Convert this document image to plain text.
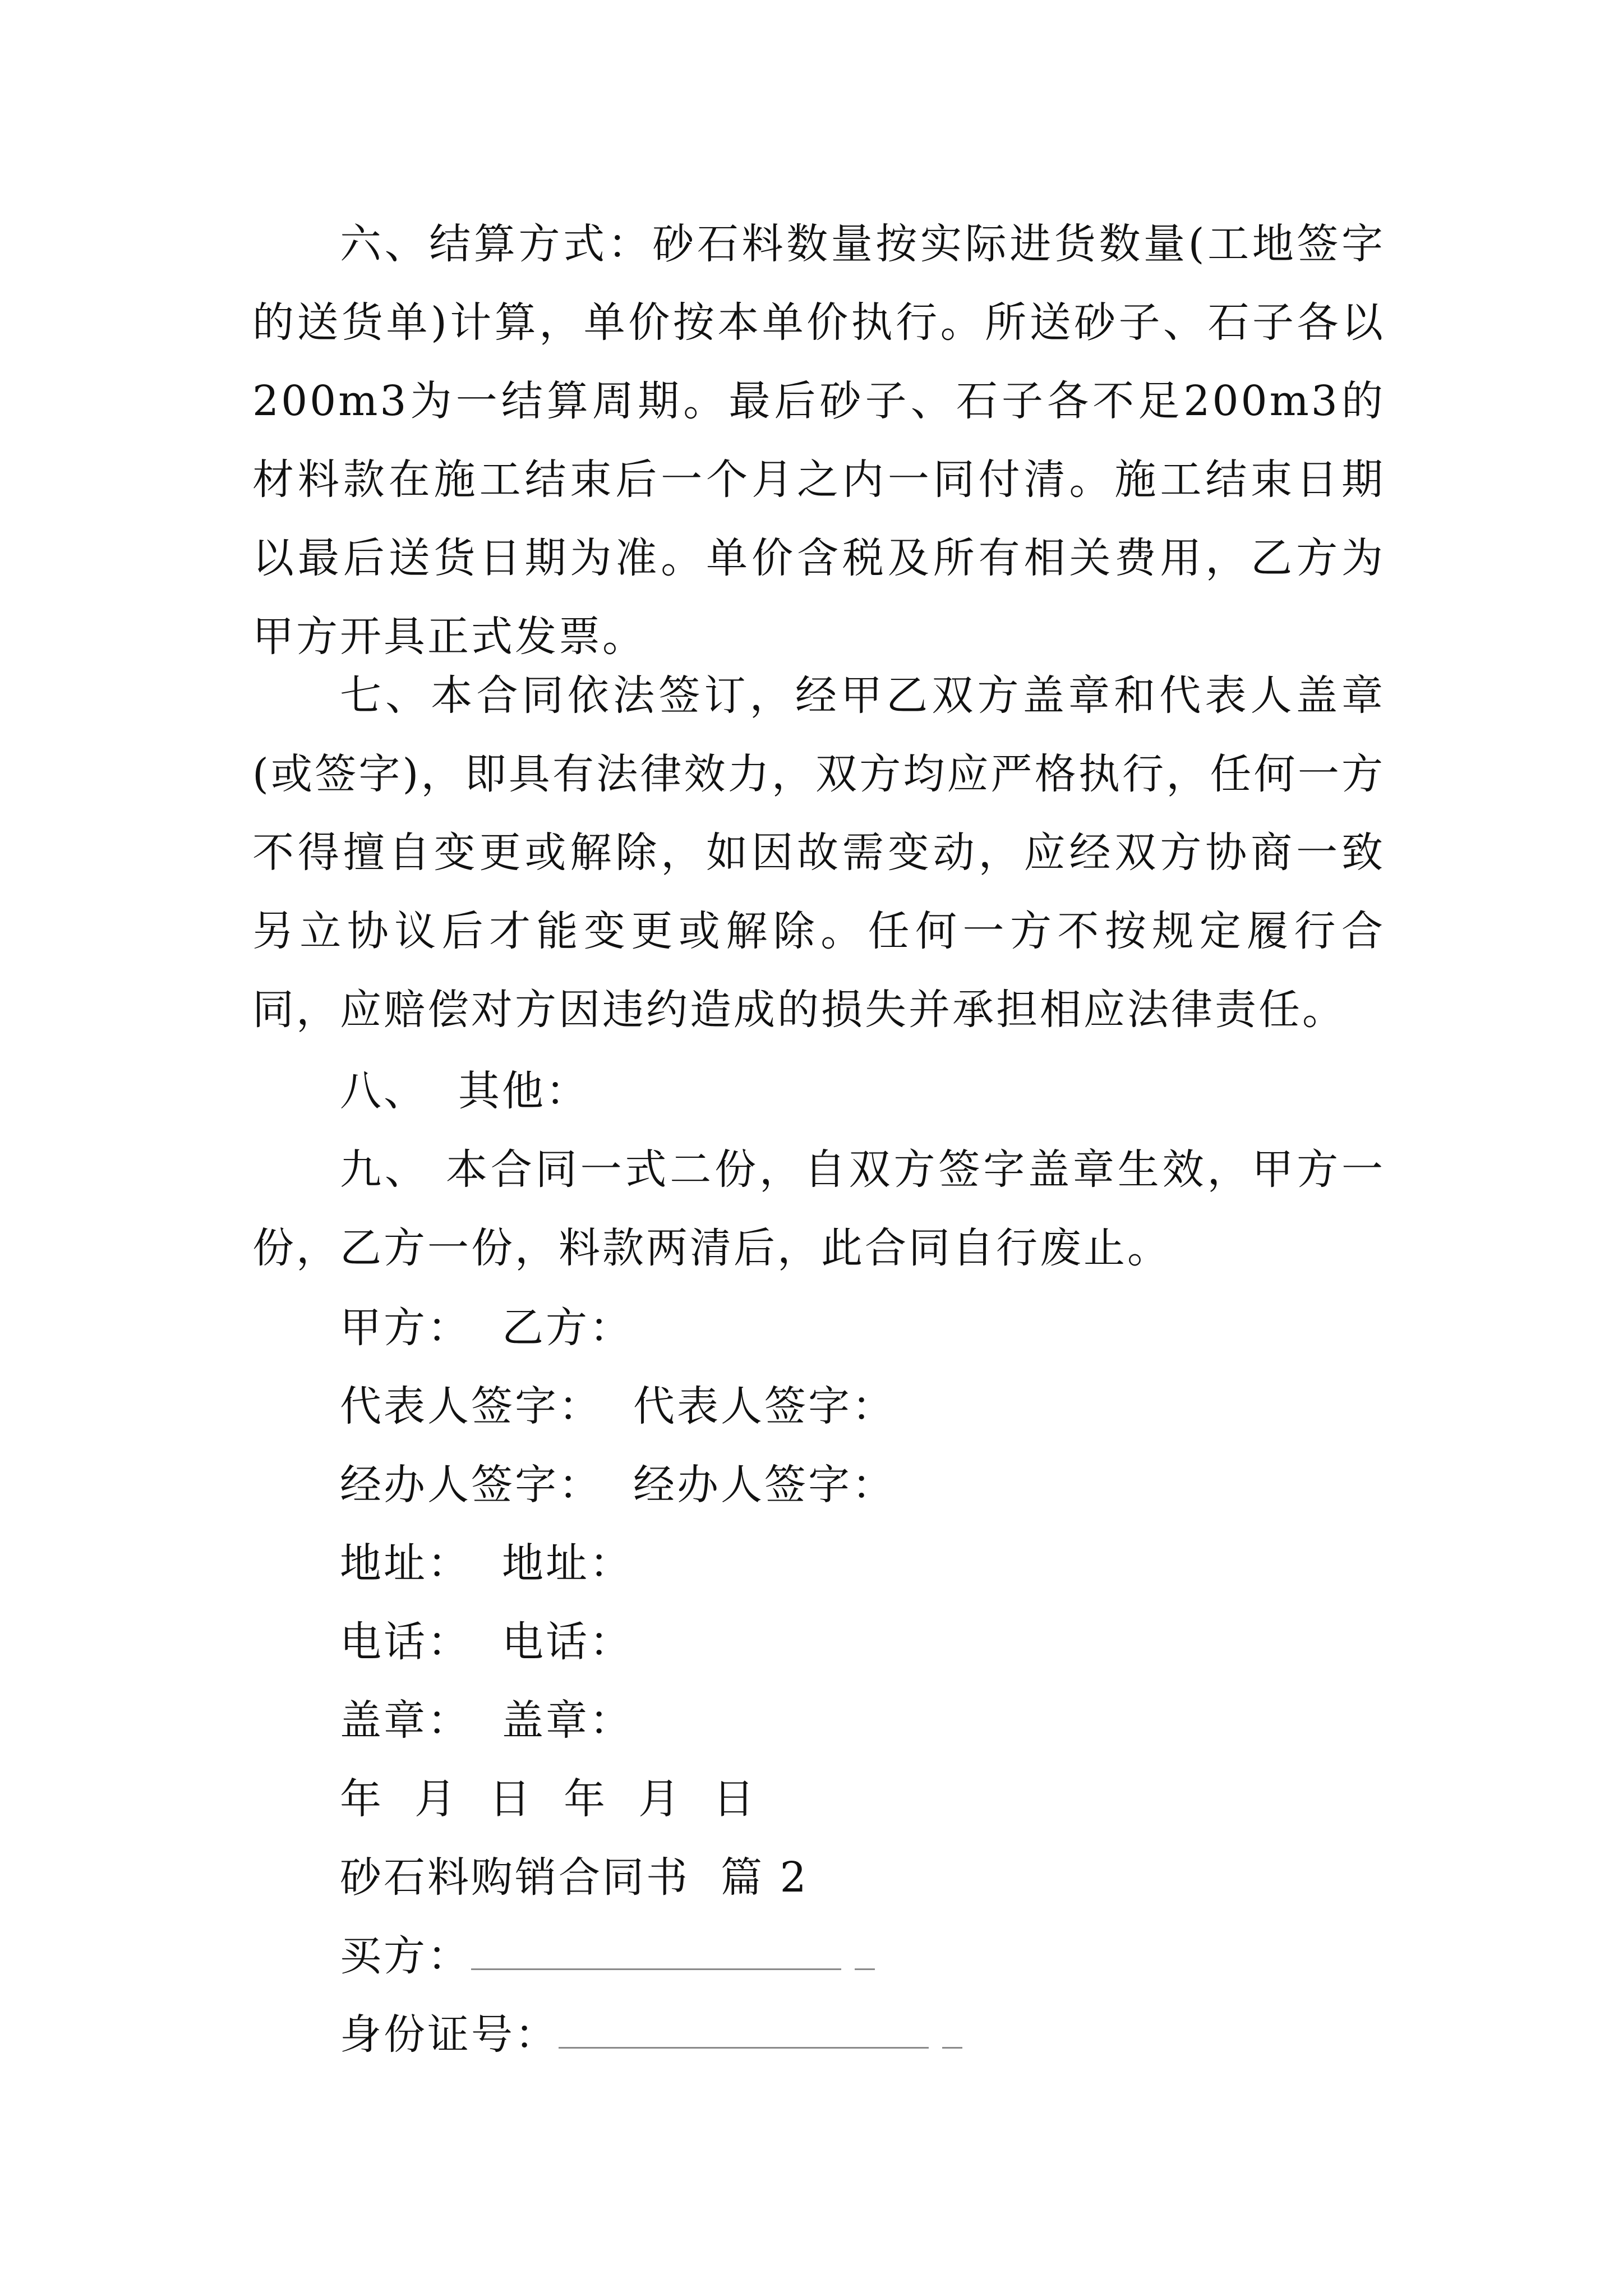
六、结算方式：砂石料数量按实际进货数量(工地签字的送货单)计算，单价按本单价执行。所送砂子、石子各以200m3为一结算周期。最后砂子、石子各不足200m3的材料款在施工结束后一个月之内一同付清。施工结束日期以最后送货日期为准。单价含税及所有相关费用，乙方为甲方开具正式发票。

七、本合同依法签订，经甲乙双方盖章和代表人盖章(或签字)，即具有法律效力，双方均应严格执行，任何一方不得擅自变更或解除，如因故需变动，应经双方协商一致另立协议后才能变更或解除。任何一方不按规定履行合同，应赔偿对方因违约造成的损失并承担相应法律责任。

八、  其他：

九、 本合同一式二份，自双方签字盖章生效，甲方一份，乙方一份，料款两清后，此合同自行废止。

甲方：  乙方：

代表人签字：  代表人签字：

经办人签字：  经办人签字：

地址：  地址：

电话：  电话：

盖章：  盖章：

年  月  日  年  月  日

砂石料购销合同书  篇 2

买方：
身份证号：
